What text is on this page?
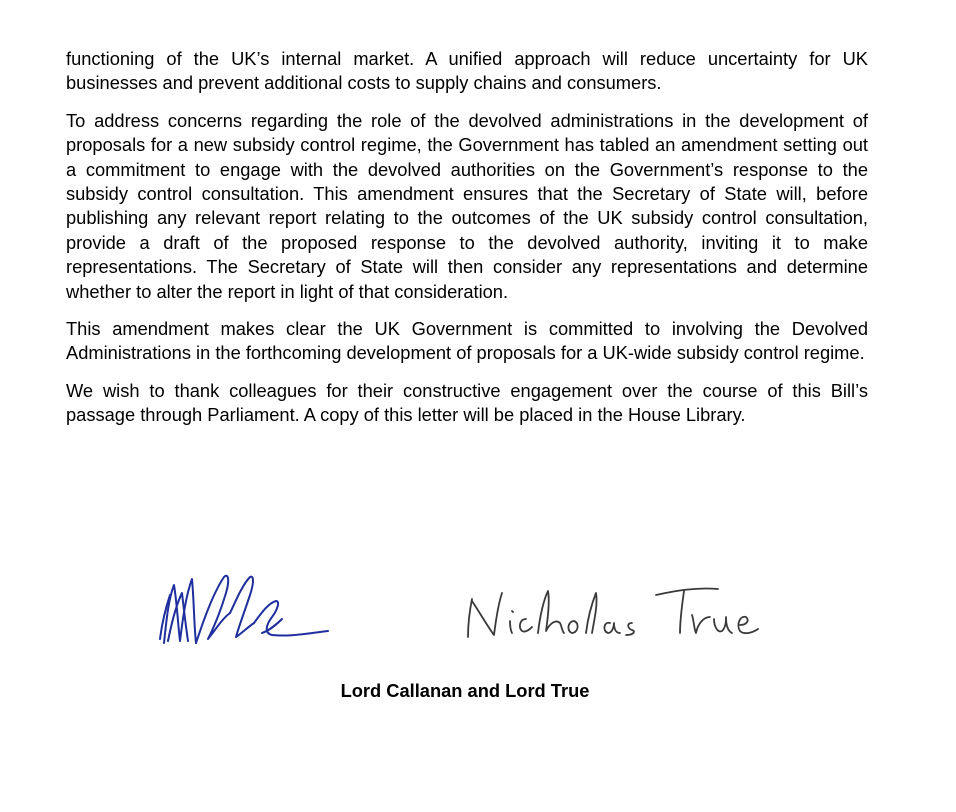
functioning of the UK’s internal market. A unified approach will reduce uncertainty for UK businesses and prevent additional costs to supply chains and consumers.

To address concerns regarding the role of the devolved administrations in the development of proposals for a new subsidy control regime, the Government has tabled an amendment setting out a commitment to engage with the devolved authorities on the Government’s response to the subsidy control consultation. This amendment ensures that the Secretary of State will, before publishing any relevant report relating to the outcomes of the UK subsidy control consultation, provide a draft of the proposed response to the devolved authority, inviting it to make representations. The Secretary of State will then consider any representations and determine whether to alter the report in light of that consideration.

This amendment makes clear the UK Government is committed to involving the Devolved Administrations in the forthcoming development of proposals for a UK-wide subsidy control regime.

We wish to thank colleagues for their constructive engagement over the course of this Bill’s passage through Parliament. A copy of this letter will be placed in the House Library.

Lord Callanan and Lord True
